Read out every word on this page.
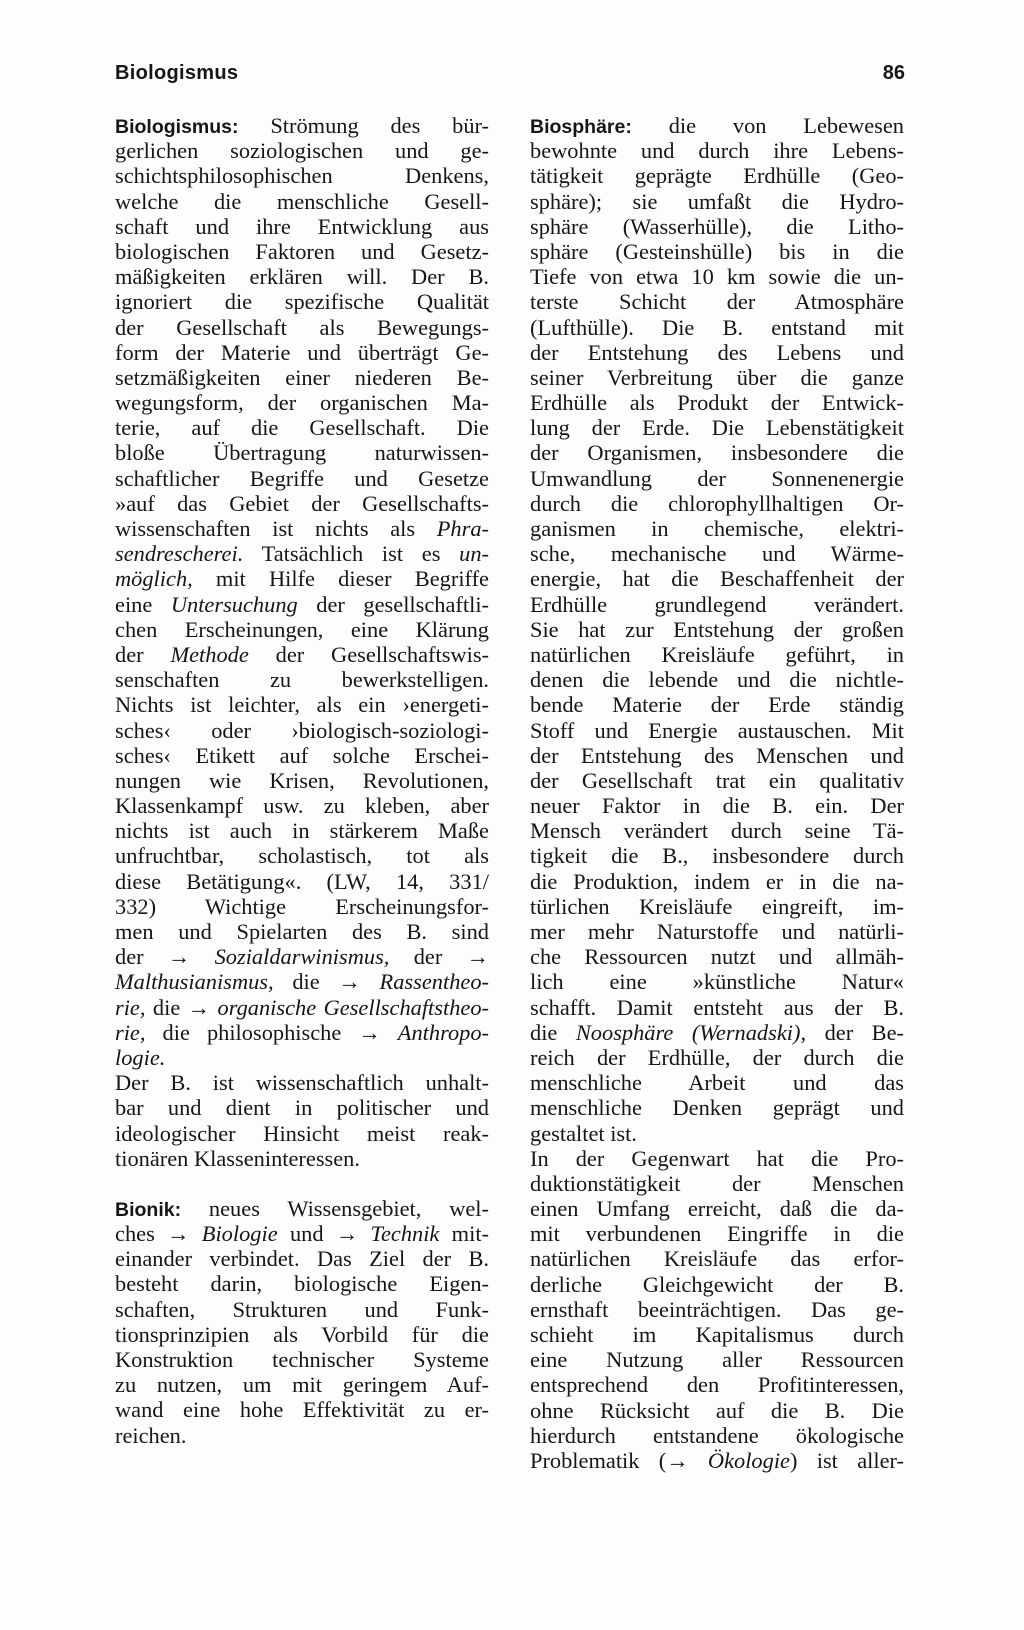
Biologismus	86
Biologismus: Strömung des bür-
gerlichen soziologischen und ge-
schichtsphilosophischen Denkens,
welche die menschliche Gesell-
schaft und ihre Entwicklung aus
biologischen Faktoren und Gesetz-
mäßigkeiten erklären will. Der B.
ignoriert die spezifische Qualität
der Gesellschaft als Bewegungs-
form der Materie und überträgt Ge-
setzmäßigkeiten einer niederen Be-
wegungsform, der organischen Ma-
terie, auf die Gesellschaft. Die
bloße Übertragung naturwissen-
schaftlicher Begriffe und Gesetze
»auf das Gebiet der Gesellschafts-
wissenschaften ist nichts als Phra-
sendrescherei. Tatsächlich ist es un-
möglich, mit Hilfe dieser Begriffe
eine Untersuchung der gesellschaftli-
chen Erscheinungen, eine Klärung
der Methode der Gesellschaftswis-
senschaften zu bewerkstelligen.
Nichts ist leichter, als ein ›energeti-
sches‹ oder ›biologisch-soziologi-
sches‹ Etikett auf solche Erschei-
nungen wie Krisen, Revolutionen,
Klassenkampf usw. zu kleben, aber
nichts ist auch in stärkerem Maße
unfruchtbar, scholastisch, tot als
diese Betätigung«. (LW, 14, 331/
332) Wichtige Erscheinungsfor-
men und Spielarten des B. sind
der → Sozialdarwinismus, der →
Malthusianismus, die → Rassentheo-
rie, die → organische Gesellschaftstheo-
rie, die philosophische → Anthropo-
logie.
Der B. ist wissenschaftlich unhalt-
bar und dient in politischer und
ideologischer Hinsicht meist reak-
tionären Klasseninteressen.
Bionik: neues Wissensgebiet, wel-
ches → Biologie und → Technik mit-
einander verbindet. Das Ziel der B.
besteht darin, biologische Eigen-
schaften, Strukturen und Funk-
tionsprinzipien als Vorbild für die
Konstruktion technischer Systeme
zu nutzen, um mit geringem Auf-
wand eine hohe Effektivität zu er-
reichen.
Biosphäre: die von Lebewesen
bewohnte und durch ihre Lebens-
tätigkeit geprägte Erdhülle (Geo-
sphäre); sie umfaßt die Hydro-
sphäre (Wasserhülle), die Litho-
sphäre (Gesteinshülle) bis in die
Tiefe von etwa 10 km sowie die un-
terste Schicht der Atmosphäre
(Lufthülle). Die B. entstand mit
der Entstehung des Lebens und
seiner Verbreitung über die ganze
Erdhülle als Produkt der Entwick-
lung der Erde. Die Lebenstätigkeit
der Organismen, insbesondere die
Umwandlung der Sonnenenergie
durch die chlorophyllhaltigen Or-
ganismen in chemische, elektri-
sche, mechanische und Wärme-
energie, hat die Beschaffenheit der
Erdhülle grundlegend verändert.
Sie hat zur Entstehung der großen
natürlichen Kreisläufe geführt, in
denen die lebende und die nichtle-
bende Materie der Erde ständig
Stoff und Energie austauschen. Mit
der Entstehung des Menschen und
der Gesellschaft trat ein qualitativ
neuer Faktor in die B. ein. Der
Mensch verändert durch seine Tä-
tigkeit die B., insbesondere durch
die Produktion, indem er in die na-
türlichen Kreisläufe eingreift, im-
mer mehr Naturstoffe und natürli-
che Ressourcen nutzt und allmäh-
lich eine »künstliche Natur«
schafft. Damit entsteht aus der B.
die Noosphäre (Wernadski), der Be-
reich der Erdhülle, der durch die
menschliche Arbeit und das
menschliche Denken geprägt und
gestaltet ist.
In der Gegenwart hat die Pro-
duktionstätigkeit der Menschen
einen Umfang erreicht, daß die da-
mit verbundenen Eingriffe in die
natürlichen Kreisläufe das erfor-
derliche Gleichgewicht der B.
ernsthaft beeinträchtigen. Das ge-
schieht im Kapitalismus durch
eine Nutzung aller Ressourcen
entsprechend den Profitinteressen,
ohne Rücksicht auf die B. Die
hierdurch entstandene ökologische
Problematik (→ Ökologie) ist aller-
